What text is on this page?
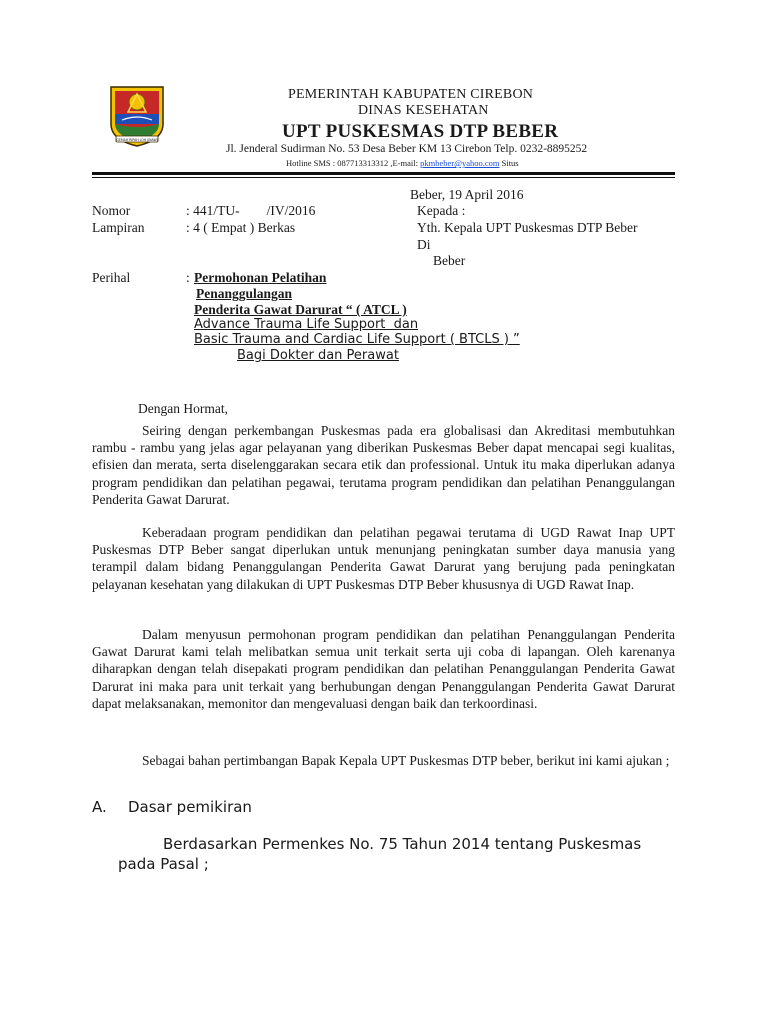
GEMAH RIPAH LOH JINAWI
PEMERINTAH KABUPATEN CIREBON
DINAS KESEHATAN
UPT PUSKESMAS DTP BEBER
Jl. Jenderal Sudirman No. 53 Desa Beber KM 13 Cirebon Telp. 0232-8895252
Hotline SMS : 087713313312 ,E-mail: pkmbeber@yahoo.com Situs
Beber, 19 April 2016
Nomor	: 441/TU-        /IV/2016	Kepada :
Lampiran	: 4 ( Empat ) Berkas	Yth. Kepala UPT Puskesmas DTP Beber
Di
Beber
Perihal	: Permohonan Pelatihan
Penanggulangan
Penderita Gawat Darurat “ ( ATCL )
Advance Trauma Life Support  dan
Basic Trauma and Cardiac Life Support ( BTCLS ) ”
Bagi Dokter dan Perawat
Dengan Hormat,

Seiring dengan perkembangan Puskesmas pada era globalisasi dan Akreditasi membutuhkan rambu - rambu yang jelas agar pelayanan yang diberikan Puskesmas Beber dapat mencapai segi kualitas, efisien dan merata, serta diselenggarakan secara etik dan professional. Untuk itu maka diperlukan adanya program pendidikan dan pelatihan pegawai, terutama program pendidikan dan pelatihan Penanggulangan Penderita Gawat Darurat.

Keberadaan program pendidikan dan pelatihan pegawai terutama di UGD Rawat Inap UPT Puskesmas DTP Beber sangat diperlukan untuk menunjang peningkatan sumber daya manusia yang terampil dalam bidang Penanggulangan Penderita Gawat Darurat yang berujung pada peningkatan pelayanan kesehatan yang dilakukan di UPT Puskesmas DTP Beber khususnya di UGD Rawat Inap.

Dalam menyusun permohonan program pendidikan dan pelatihan Penanggulangan Penderita Gawat Darurat kami telah melibatkan semua unit terkait serta uji coba di lapangan. Oleh karenanya diharapkan dengan telah disepakati program pendidikan dan pelatihan Penanggulangan Penderita Gawat Darurat ini maka para unit terkait yang berhubungan dengan Penanggulangan Penderita Gawat Darurat dapat melaksanakan, memonitor dan mengevaluasi dengan baik dan terkoordinasi.

Sebagai bahan pertimbangan Bapak Kepala UPT Puskesmas DTP beber, berikut ini kami ajukan ;

A. Dasar pemikiran

Berdasarkan Permenkes No. 75 Tahun 2014 tentang Puskesmas pada Pasal ;
